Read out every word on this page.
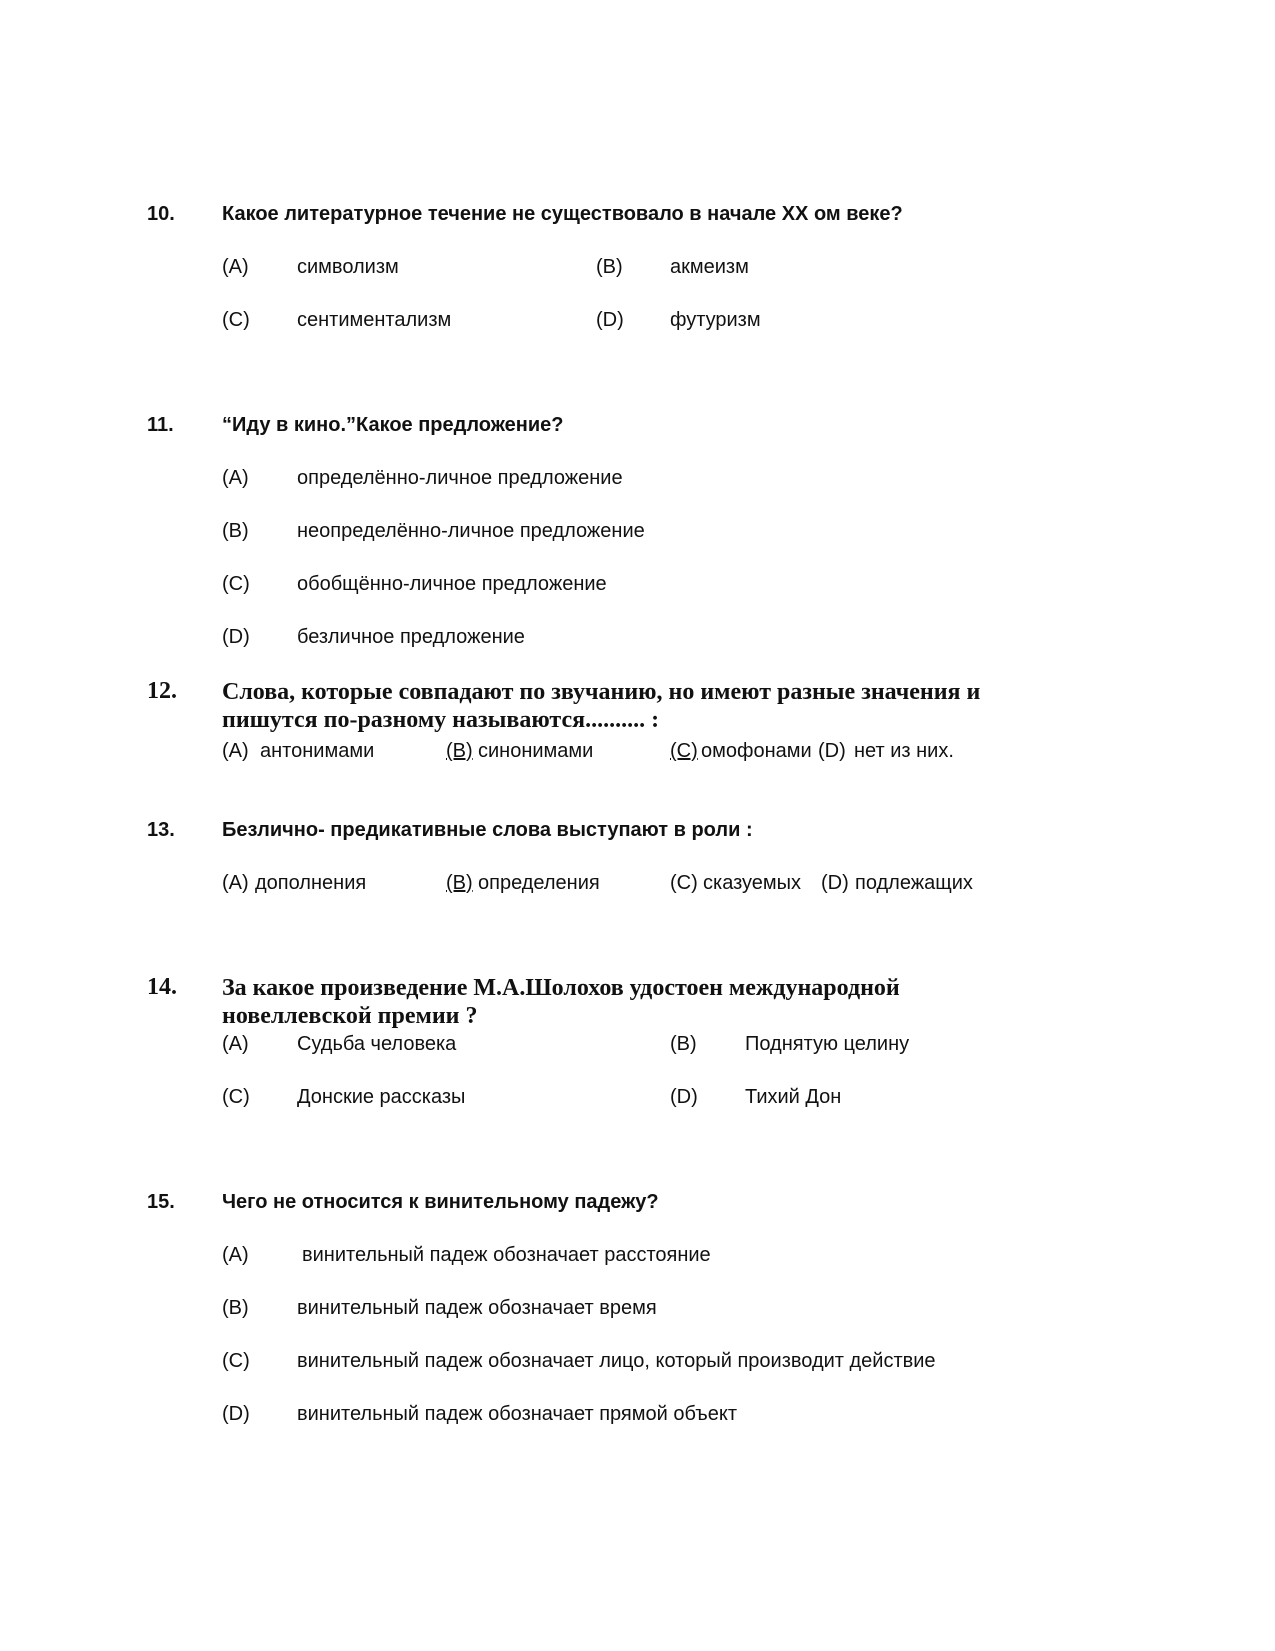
10. Какое литературное течение не существовало в начале XX ом веке?
(A) символизм	(B) акмеизм
(C) сентиментализм	(D) футуризм
11. “Иду в кино.”Какое предложение?
(A) определённо-личное предложение
(B) неопределённо-личное предложение
(C) обобщённо-личное предложение
(D) безличное предложение
12. Слова, которые совпадают по звучанию, но имеют разные значения и
пишутся по-разному называются.......... :
(A) антонимами	(B) синонимами	(C) омофонами (D) нет из них.
13. Безлично- предикативные слова выступают в роли :
(A) дополнения	(B) определения	(C) сказуемых (D) подлежащих
14. За какое произведение М.А.Шолохов удостоен международной
новеллевской премии ?
(A) Судьба человека	(B) Поднятую целину
(C) Донские рассказы	(D) Тихий Дон
15. Чего не относится к винительному падежу?
(A)	винительный падеж обозначает расстояние
(B) винительный падеж обозначает время
(C) винительный падеж обозначает лицо, который производит действие
(D) винительный падеж обозначает прямой объект
